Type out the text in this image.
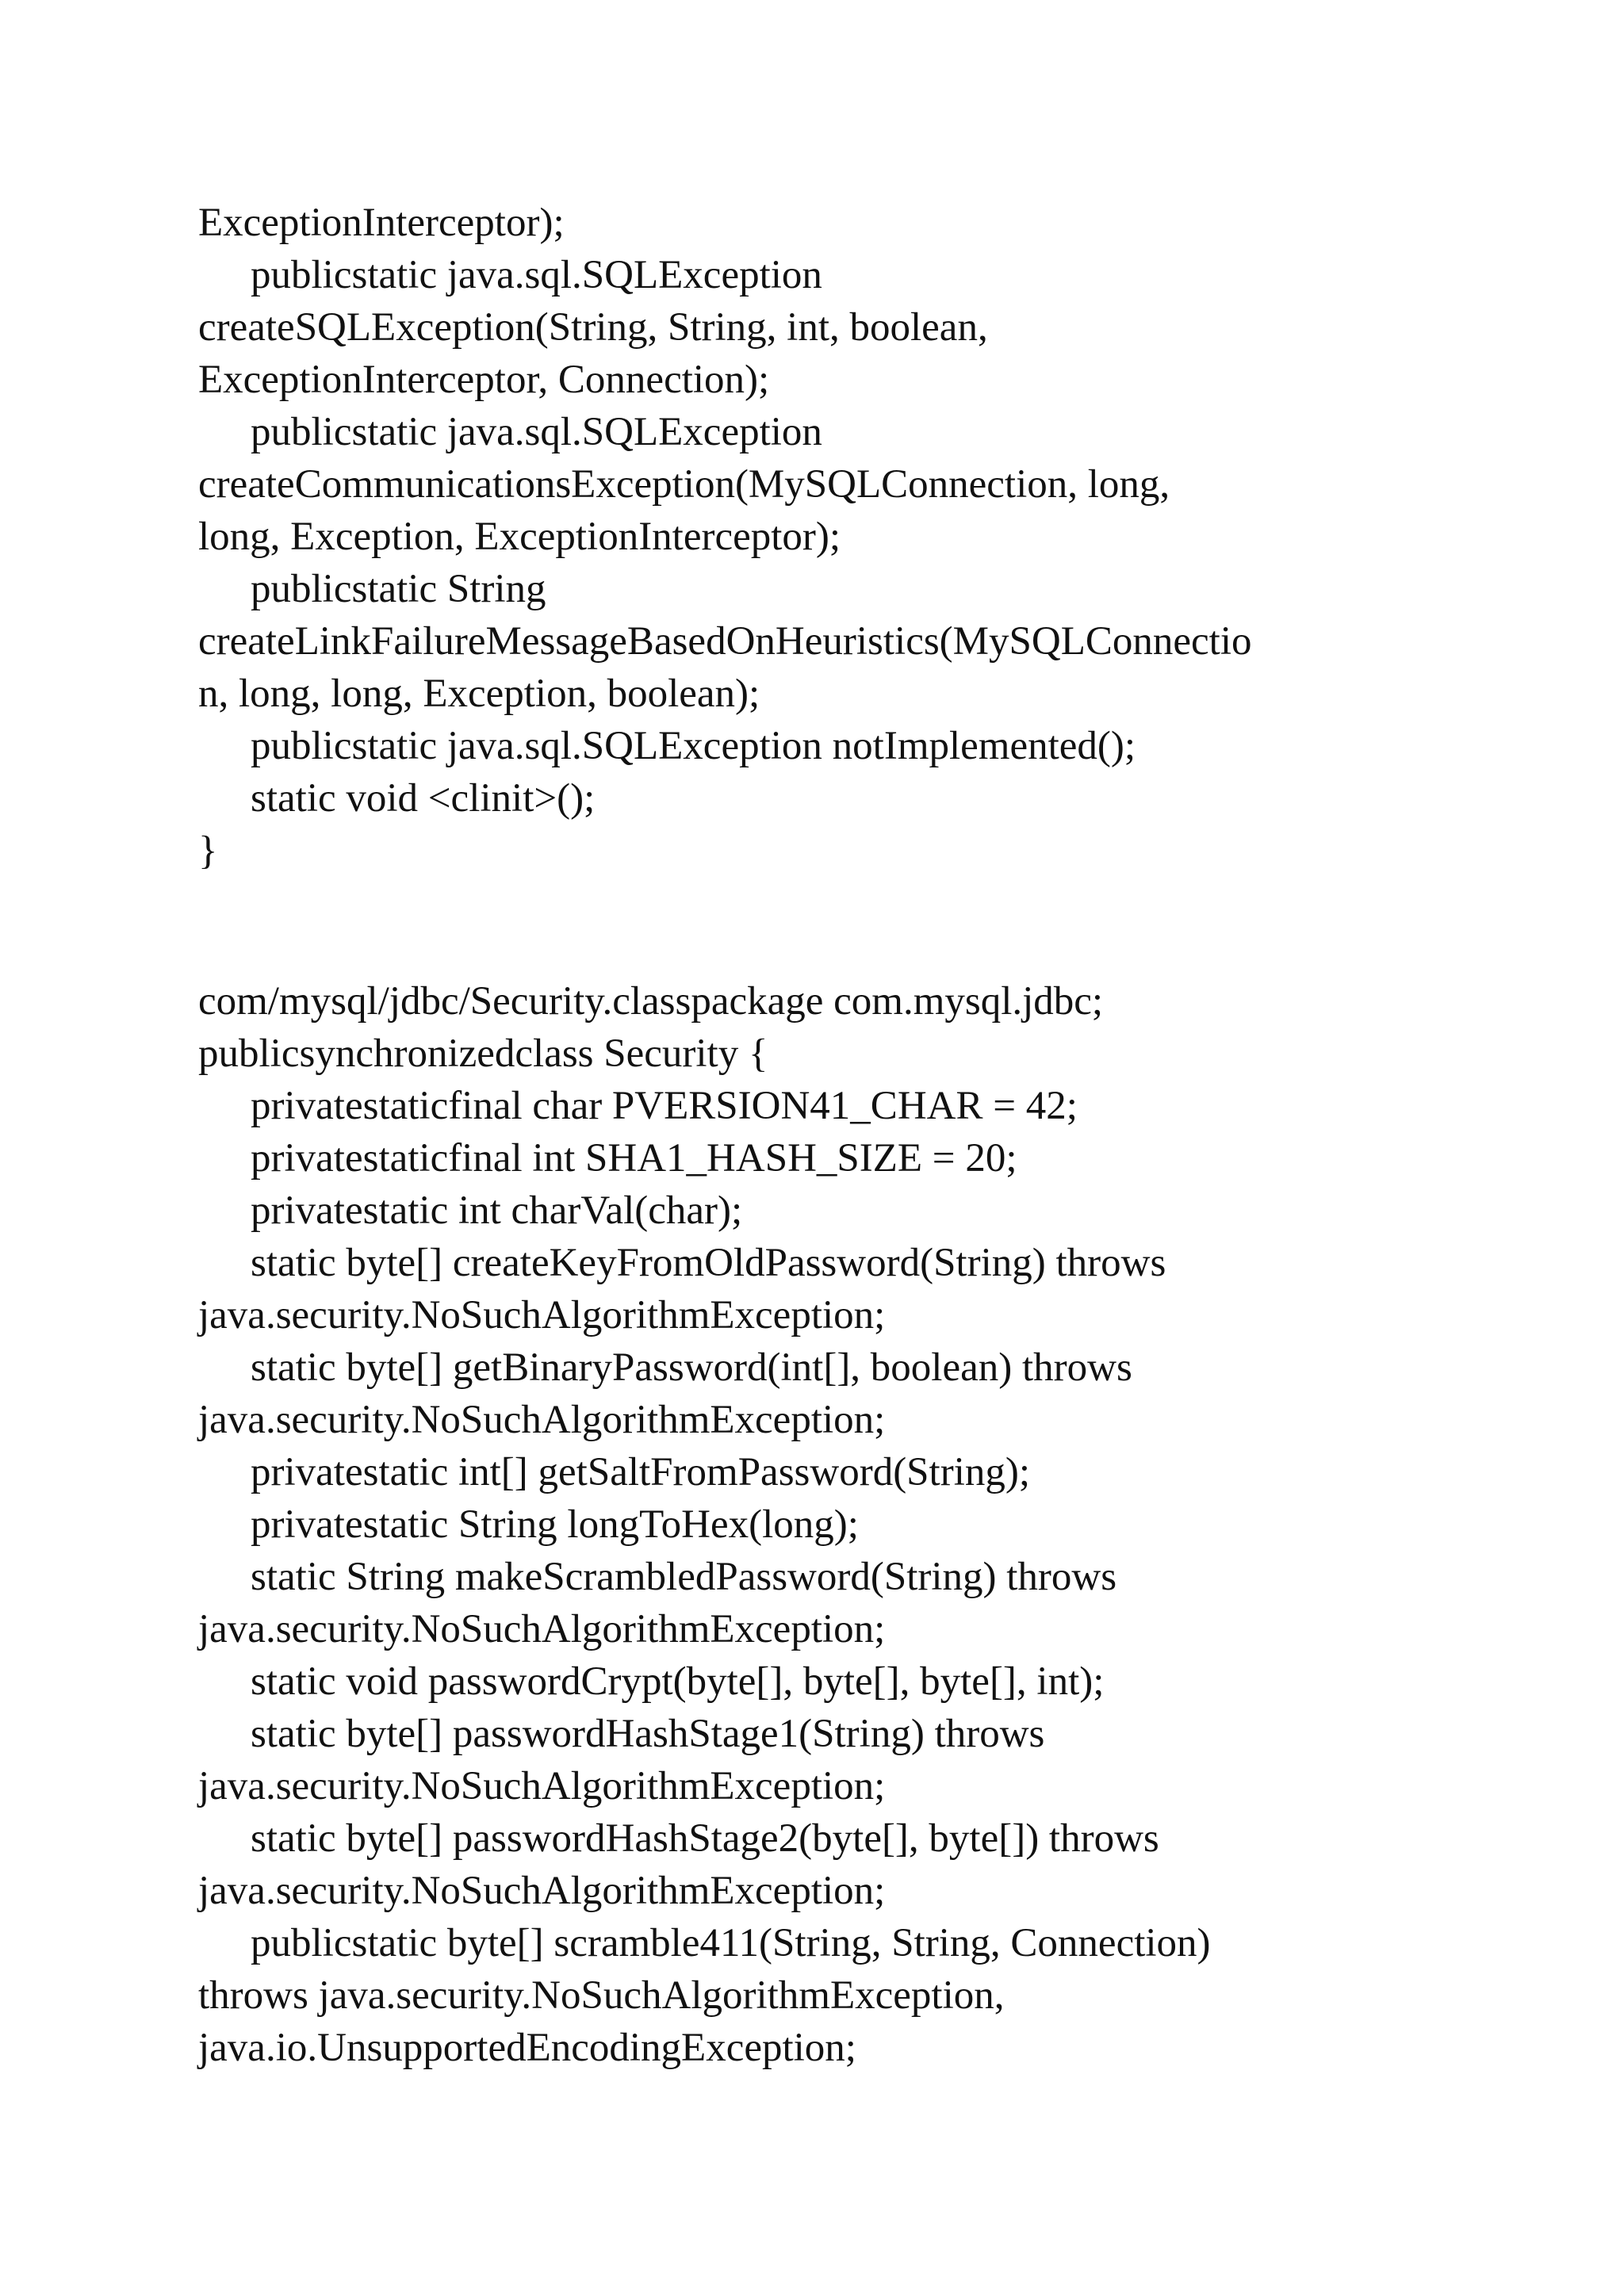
ExceptionInterceptor);
publicstatic java.sql.SQLException
createSQLException(String, String, int, boolean,
ExceptionInterceptor, Connection);
publicstatic java.sql.SQLException
createCommunicationsException(MySQLConnection, long,
long, Exception, ExceptionInterceptor);
publicstatic String
createLinkFailureMessageBasedOnHeuristics(MySQLConnectio
n, long, long, Exception, boolean);
publicstatic java.sql.SQLException notImplemented();
static void <clinit>();
}
com/mysql/jdbc/Security.classpackage com.mysql.jdbc;
publicsynchronizedclass Security {
privatestaticfinal char PVERSION41_CHAR = 42;
privatestaticfinal int SHA1_HASH_SIZE = 20;
privatestatic int charVal(char);
static byte[] createKeyFromOldPassword(String) throws
java.security.NoSuchAlgorithmException;
static byte[] getBinaryPassword(int[], boolean) throws
java.security.NoSuchAlgorithmException;
privatestatic int[] getSaltFromPassword(String);
privatestatic String longToHex(long);
static String makeScrambledPassword(String) throws
java.security.NoSuchAlgorithmException;
static void passwordCrypt(byte[], byte[], byte[], int);
static byte[] passwordHashStage1(String) throws
java.security.NoSuchAlgorithmException;
static byte[] passwordHashStage2(byte[], byte[]) throws
java.security.NoSuchAlgorithmException;
publicstatic byte[] scramble411(String, String, Connection)
throws java.security.NoSuchAlgorithmException,
java.io.UnsupportedEncodingException;
